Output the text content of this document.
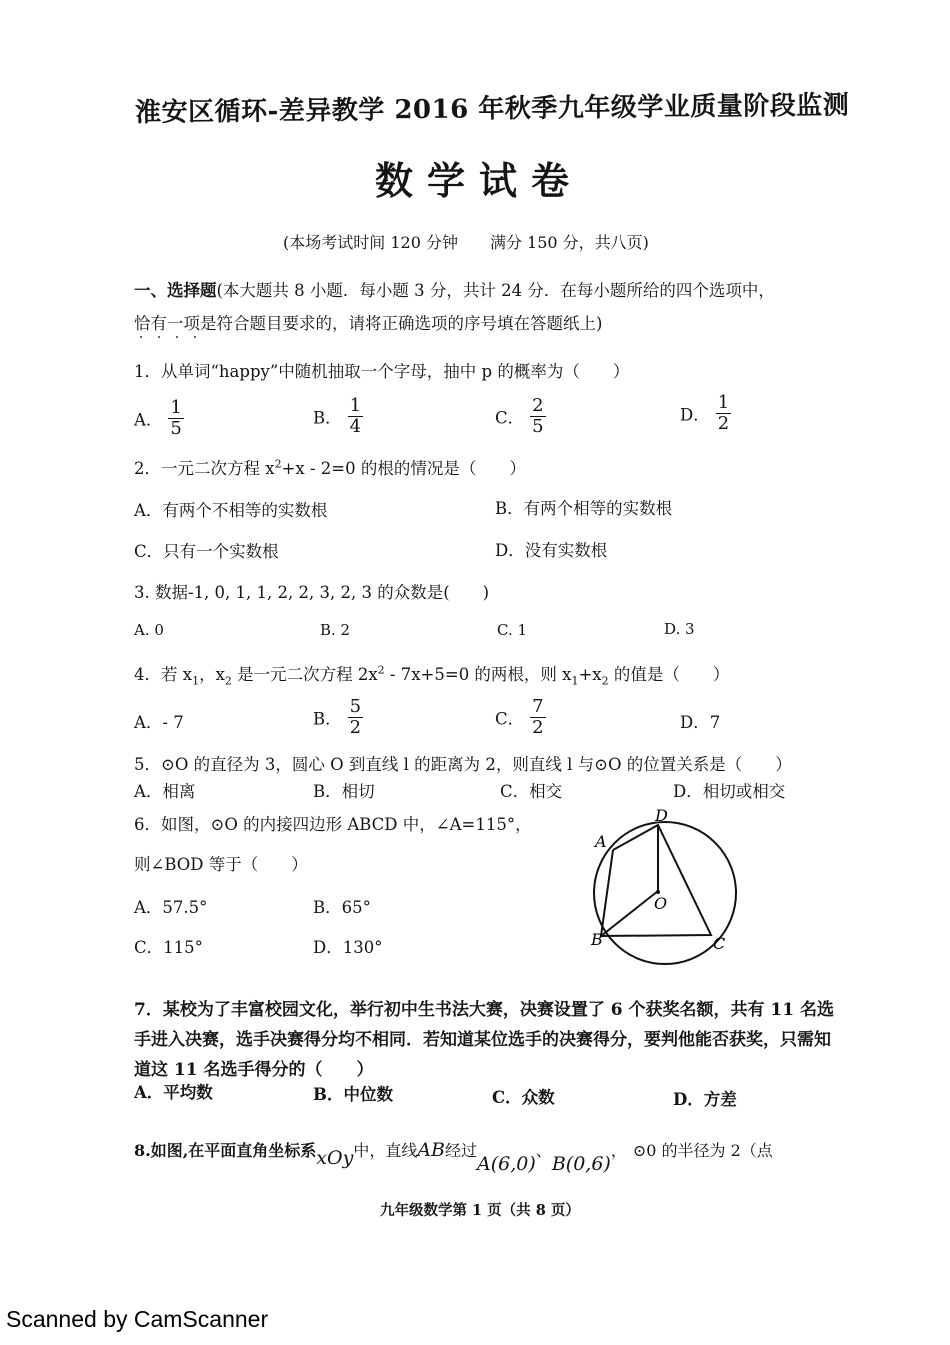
淮安区循环-差异教学 2016 年秋季九年级学业质量阶段监测
数学试卷
(本场考试时间 120 分钟　　满分 150 分，共八页)
一、选择题(本大题共 8 小题．每小题 3 分，共计 24 分．在每小题所给的四个选项中，
恰有一项是符合题目要求的，请将正确选项的序号填在答题纸上)
1．从单词“happy”中随机抽取一个字母，抽中 p 的概率为（　　）
A． $\frac{1}{5}$	B． $\frac{1}{4}$	C． $\frac{2}{5}$	D． $\frac{1}{2}$
2．一元二次方程 $x^2+x - 2=0$ 的根的情况是（　　）
A．有两个不相等的实数根	B．有两个相等的实数根
C．只有一个实数根	D．没有实数根
3. 数据-1, 0, 1, 1, 2, 2, 3, 2, 3 的众数是(　　)
A. 0	B. 2	C. 1	D. 3
4．若 $x_1$，$x_2$ 是一元二次方程 $2x^2 - 7x+5=0$ 的两根，则 $x_1+x_2$ 的值是（　　）
A．- 7	B． $\frac{5}{2}$	C． $\frac{7}{2}$	D．7
5．⊙O 的直径为 3，圆心 O 到直线 l 的距离为 2，则直线 l 与⊙O 的位置关系是（　　）
A．相离	B．相切	C．相交	D．相切或相交
6．如图，⊙O 的内接四边形 ABCD 中，∠A=115°，
则∠BOD 等于（　　）
A．57.5°	B．65°
C．115°	D．130°
A
D
O
B	C
7．某校为了丰富校园文化，举行初中生书法大赛，决赛设置了 6 个获奖名额，共有 11 名选手进入决赛，选手决赛得分均不相同．若知道某位选手的决赛得分，要判他能否获奖，只需知道这 11 名选手得分的（　　）
A．平均数	B．中位数	C．众数	D．方差
8.如图,在平面直角坐标系xOy中，直线AB经过A(6,0)、B(0,6)， ⊙0 的半径为 2（点
九年级数学第 1 页（共 8 页）
Scanned by CamScanner
